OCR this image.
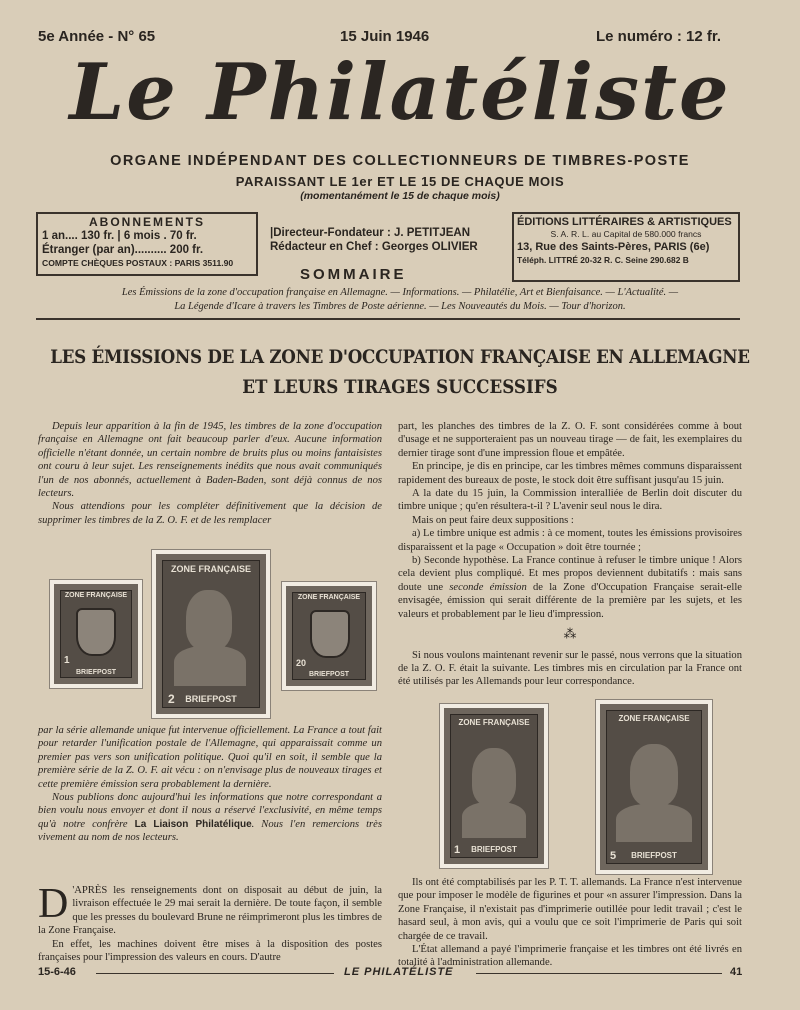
5e Année - N° 65	15 Juin 1946	Le numéro : 12 fr.
Le Philatéliste
ORGANE INDÉPENDANT DES COLLECTIONNEURS DE TIMBRES-POSTE
PARAISSANT LE 1er ET LE 15 DE CHAQUE MOIS
(momentanément le 15 de chaque mois)
ABONNEMENTS
1 an.... 130 fr. | 6 mois . 70 fr.
Étranger (par an).......... 200 fr.
COMPTE CHÈQUES POSTAUX : PARIS 3511.90
|Directeur-Fondateur : J. PETITJEAN
Rédacteur en Chef : Georges OLIVIER
SOMMAIRE
ÉDITIONS LITTÉRAIRES & ARTISTIQUES
S. A. R. L. au Capital de 580.000 francs
13, Rue des Saints-Pères, PARIS (6e)
Téléph. LITTRÉ 20-32 R. C. Seine 290.682 B
Les Émissions de la zone d'occupation française en Allemagne. — Informations. — Philatélie, Art et Bienfaisance. — L'Actualité. —
La Légende d'Icare à travers les Timbres de Poste aérienne. — Les Nouveautés du Mois. — Tour d'horizon.
LES ÉMISSIONS DE LA ZONE D'OCCUPATION FRANÇAISE EN ALLEMAGNE
ET LEURS TIRAGES SUCCESSIFS

Depuis leur apparition à la fin de 1945, les timbres de la zone d'occupation française en Allemagne ont fait beaucoup parler d'eux. Aucune information officielle n'étant donnée, un certain nombre de bruits plus ou moins fantaisistes ont couru à leur sujet. Les renseignements inédits que nous avait communiqués l'un de nos abonnés, actuellement à Baden-Baden, sont déjà connus de nos lecteurs.

Nous attendions pour les compléter définitivement que la décision de supprimer les timbres de la Z. O. F. et de les remplacer

ZONE FRANÇAISE
BRIEFPOST
1
ZONE FRANÇAISE
BRIEFPOST
2
ZONE FRANÇAISE
BRIEFPOST
20

par la série allemande unique fut intervenue officiellement. La France a tout fait pour retarder l'unification postale de l'Allemagne, qui apparaissait comme un premier pas vers son unification politique. Quoi qu'il en soit, il semble que la première série de la Z. O. F. ait vécu : on n'envisage plus de nouveaux tirages et cette première émission sera probablement la dernière.

Nous publions donc aujourd'hui les informations que notre correspondant a bien voulu nous envoyer et dont il nous a réservé l'exclusivité, en même temps qu'à notre confrère La Liaison Philatélique. Nous l'en remercions très vivement au nom de nos lecteurs.

D 'APRÈS les renseignements dont on disposait au début de juin, la livraison effectuée le 29 mai serait la dernière. De toute façon, il semble que les presses du boulevard Brune ne réimprimeront plus les timbres de la Zone Française.

En effet, les machines doivent être mises à la disposition des postes françaises pour l'impression des valeurs en cours. D'autre

part, les planches des timbres de la Z. O. F. sont considérées comme à bout d'usage et ne supporteraient pas un nouveau tirage — de fait, les exemplaires du dernier tirage sont d'une impression floue et empâtée.

En principe, je dis en principe, car les timbres mêmes communs disparaissent rapidement des bureaux de poste, le stock doit être suffisant jusqu'au 15 juin.

A la date du 15 juin, la Commission interalliée de Berlin doit discuter du timbre unique ; qu'en résultera-t-il ? L'avenir seul nous le dira.

Mais on peut faire deux suppositions :

a) Le timbre unique est admis : à ce moment, toutes les émissions provisoires disparaissent et la page « Occupation » doit être tournée ;

b) Seconde hypothèse. La France continue à refuser le timbre unique ! Alors cela devient plus compliqué. Et mes propos deviennent dubitatifs : mais sans doute une seconde émission de la Zone d'Occupation Française serait-elle envisagée, émission qui serait différente de la première par les sujets, et les valeurs et probablement par le lieu d'impression.

⁂

Si nous voulons maintenant revenir sur le passé, nous verrons que la situation de la Z. O. F. était la suivante. Les timbres mis en circulation par la France ont été utilisés par les Allemands pour leur correspondance.

ZONE FRANÇAISE
BRIEFPOST
1
ZONE FRANÇAISE
BRIEFPOST
5

Ils ont été comptabilisés par les P. T. T. allemands. La France n'est intervenue que pour imposer le modèle de figurines et pour «n assurer l'impression. Dans la Zone Française, il n'existait pas d'imprimerie outillée pour ledit travail ; c'est le hasard seul, à mon avis, qui a voulu que ce soit l'imprimerie de Paris qui soit chargée de ce travail.

L'État allemand a payé l'imprimerie française et les timbres ont été livrés en totalité à l'administration allemande.

15-6-46	LE PHILATÉLISTE	41
